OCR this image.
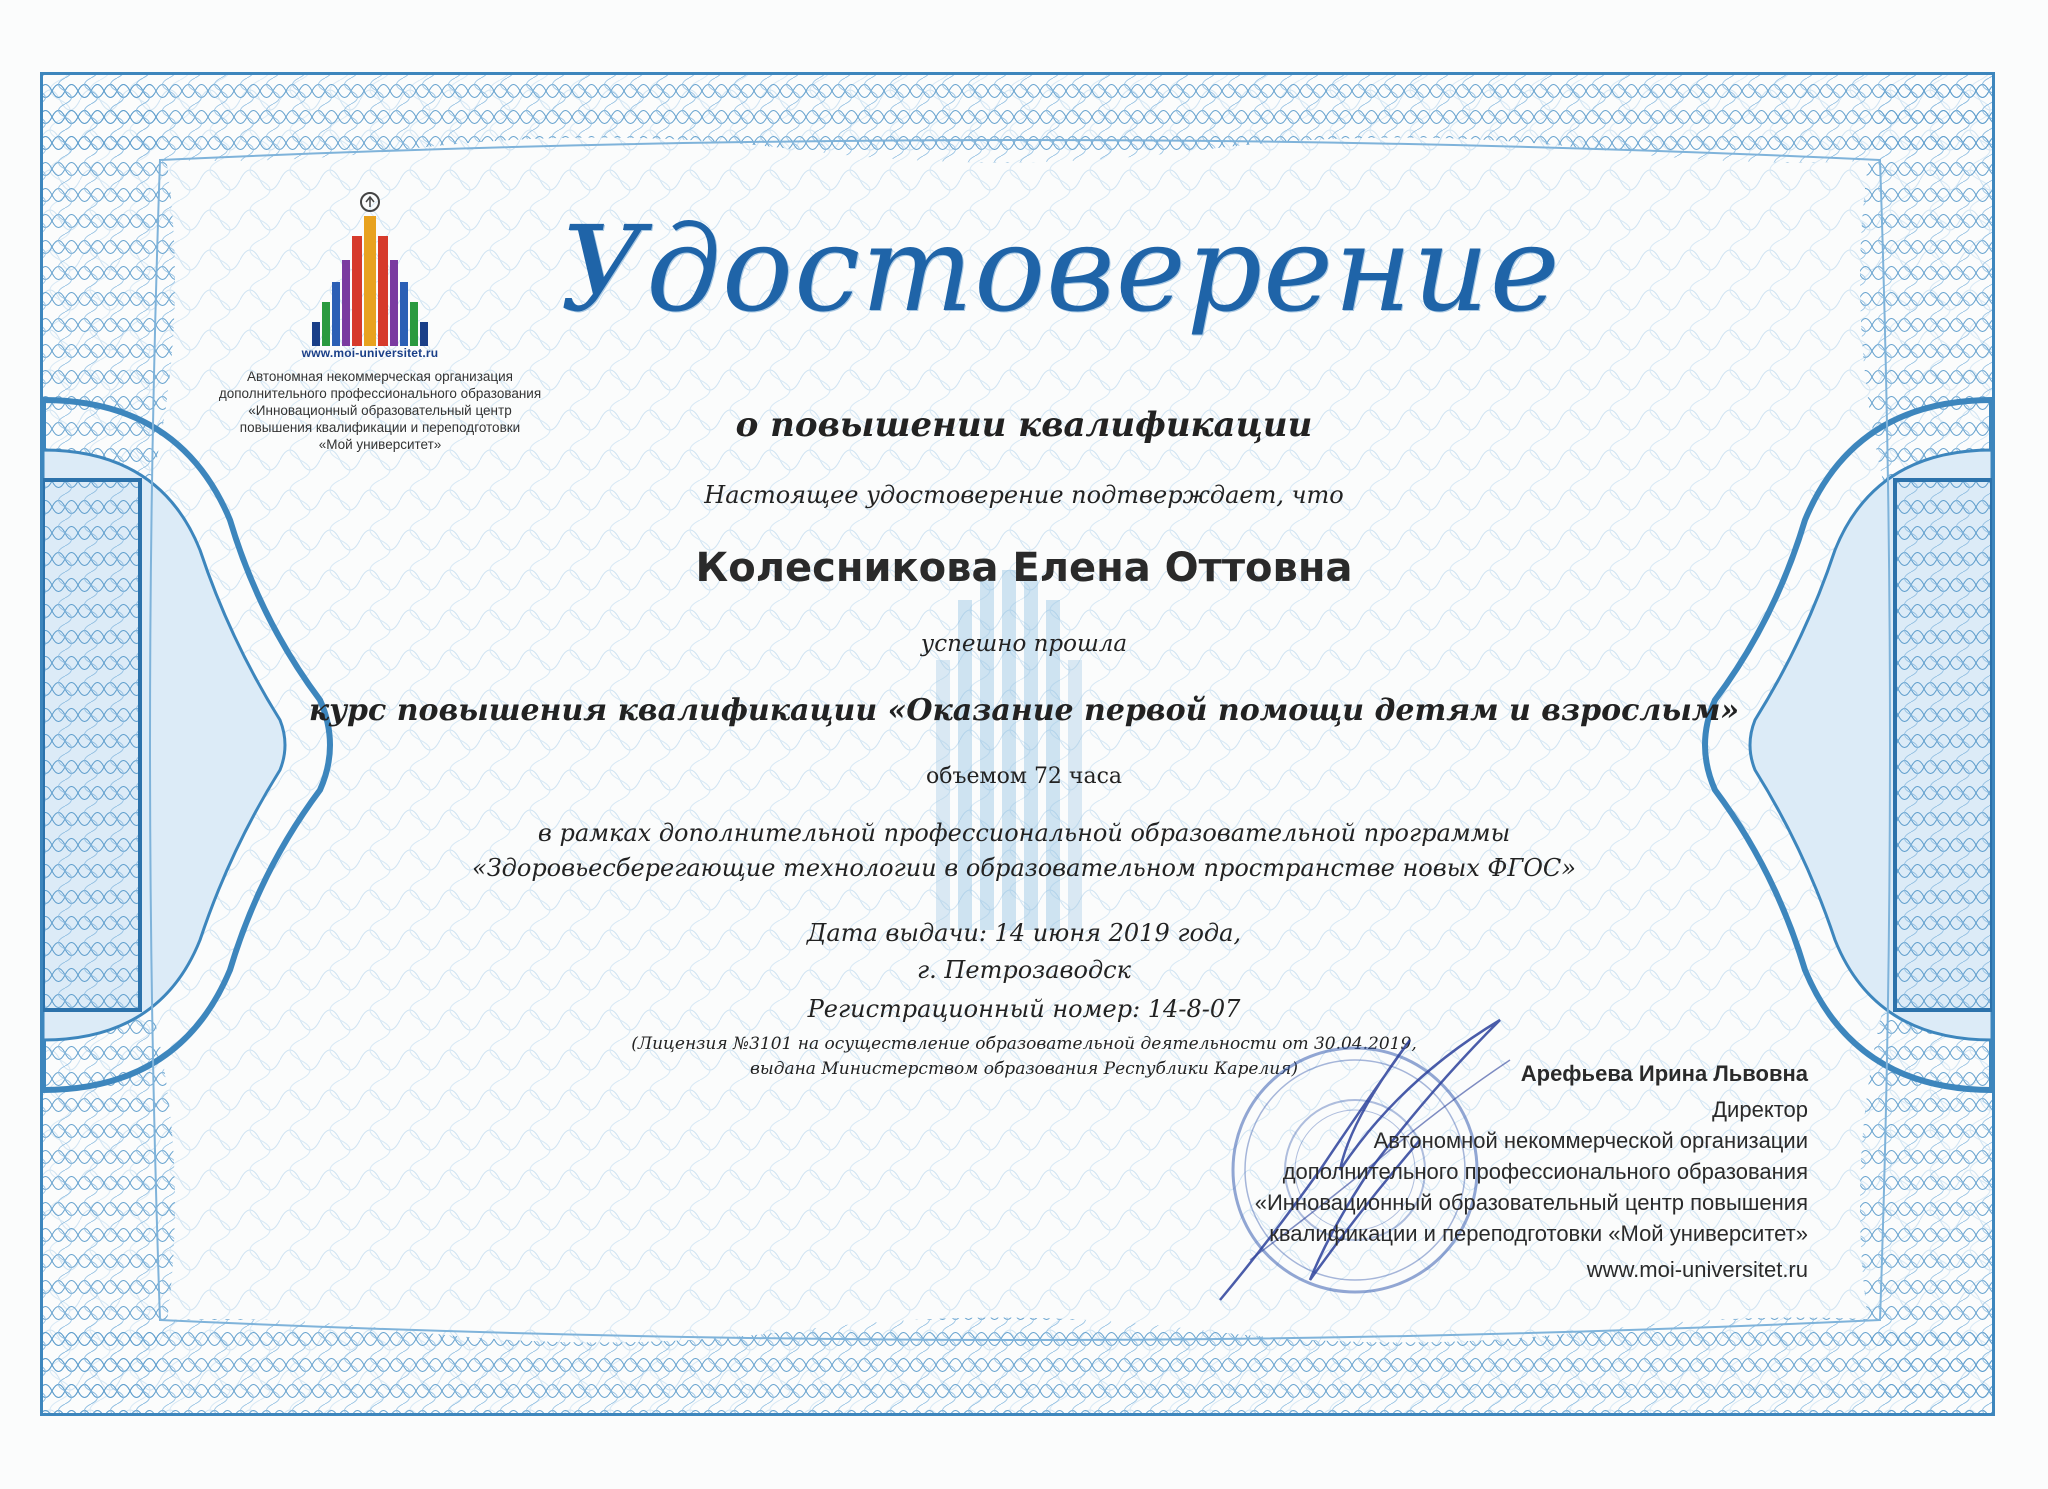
www.moi-universitet.ru
Автономная некоммерческая организация
дополнительного профессионального образования
«Инновационный образовательный центр
повышения квалификации и переподготовки
«Мой университет»
Удостоверение
о повышении квалификации
Настоящее удостоверение подтверждает, что
Колесникова Елена Оттовна
успешно прошла
курс повышения квалификации «Оказание первой помощи детям и взрослым»
объемом 72 часа
в рамках дополнительной профессиональной образовательной программы
«Здоровьесберегающие технологии в образовательном пространстве новых ФГОС»
Дата выдачи: 14 июня 2019 года,
г. Петрозаводск
Регистрационный номер: 14-8-07
(Лицензия №3101 на осуществление образовательной деятельности от 30.04.2019,
выдана Министерством образования Республики Карелия)	Арефьева Ирина Львовна
Директор
Автономной некоммерческой организации
дополнительного профессионального образования
«Инновационный образовательный центр повышения
квалификации и переподготовки «Мой университет»
www.moi-universitet.ru
